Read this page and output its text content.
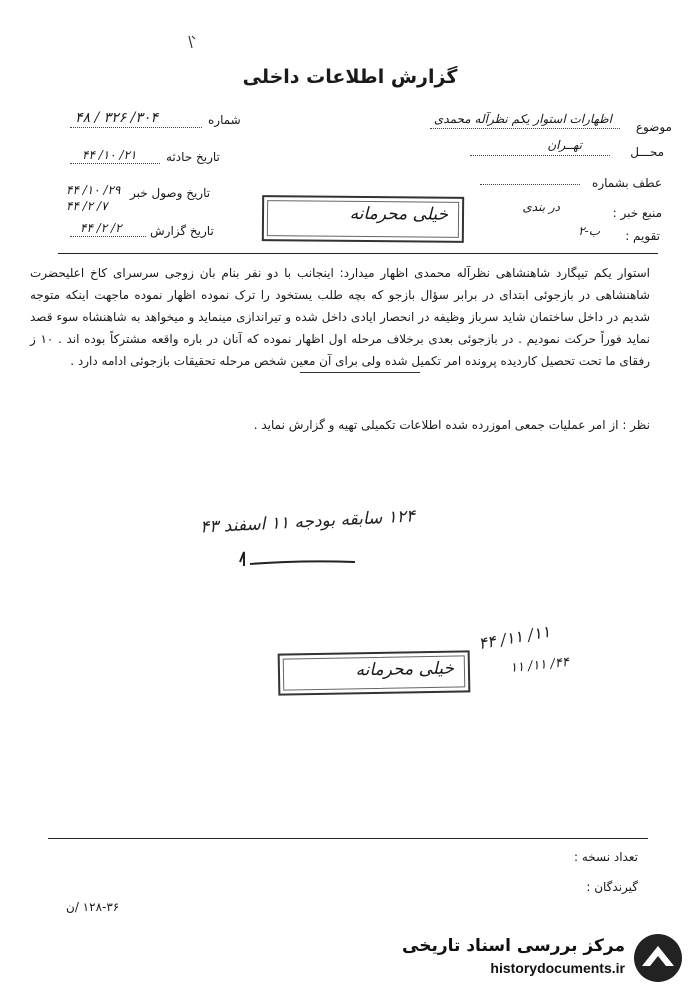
گزارش اطلاعات داخلی
موضوع
اظهارات استوار یکم نظرآله محمدی
محـــل
تهــران
عطف بشماره
منبع خبر :
در بندی
تقویم :
ب-۲
شماره
۳۰۴/ ۳۲۶ / ۴۸
تاریخ حادثه
۲۱/ ۱۰/ ۴۴
تاریخ وصول خبر
۲۹/ ۱۰/ ۴۴
۷/ ۲/ ۴۴
تاریخ گزارش
۲/ ۲/ ۴۴
خیلی محرمانه
استوار یکم تیپگارد شاهنشاهی نظرآله محمدی اظهار میدارد: اینجانب با دو نفر بنام بان زوجی سرسرای کاخ اعلیحضرت شاهنشاهی در بازجوئی ابتدای در برابر سؤال بازجو که بچه طلب یستخود را ترک نموده اظهار نموده ماجهت اینکه متوجه شدیم در داخل ساختمان شاید سرباز وظیفه در انحصار ایادی داخل شده و تیراندازی مینماید و میخواهد به شاهنشاه سوء قصد نماید فوراً حرکت نمودیم . در بازجوئی بعدی برخلاف مرحله اول اظهار نموده که آنان در باره واقعه مشترکاً بوده اند . ۱۰ ز رفقای ما تحت تحصیل کاردیده پرونده امر تکمیل شده ولی برای آن معین شخص مرحله تحقیقات بازجوئی ادامه دارد .
نظر : از امر عملیات جمعی اموزرده شده اطلاعات تکمیلی تهیه و گزارش نماید .
۱۲۴ سابقه بودجه ۱۱ اسفند ۴۳
خیلی محرمانه
۱۱/ ۱۱/ ۴۴
۴۴/ ۱۱/ ۱۱
تعداد نسخه :
گیرندگان :
۱۲۸-۳۶ /ن
مرکز بررسی اسناد تاریخی
historydocuments.ir
